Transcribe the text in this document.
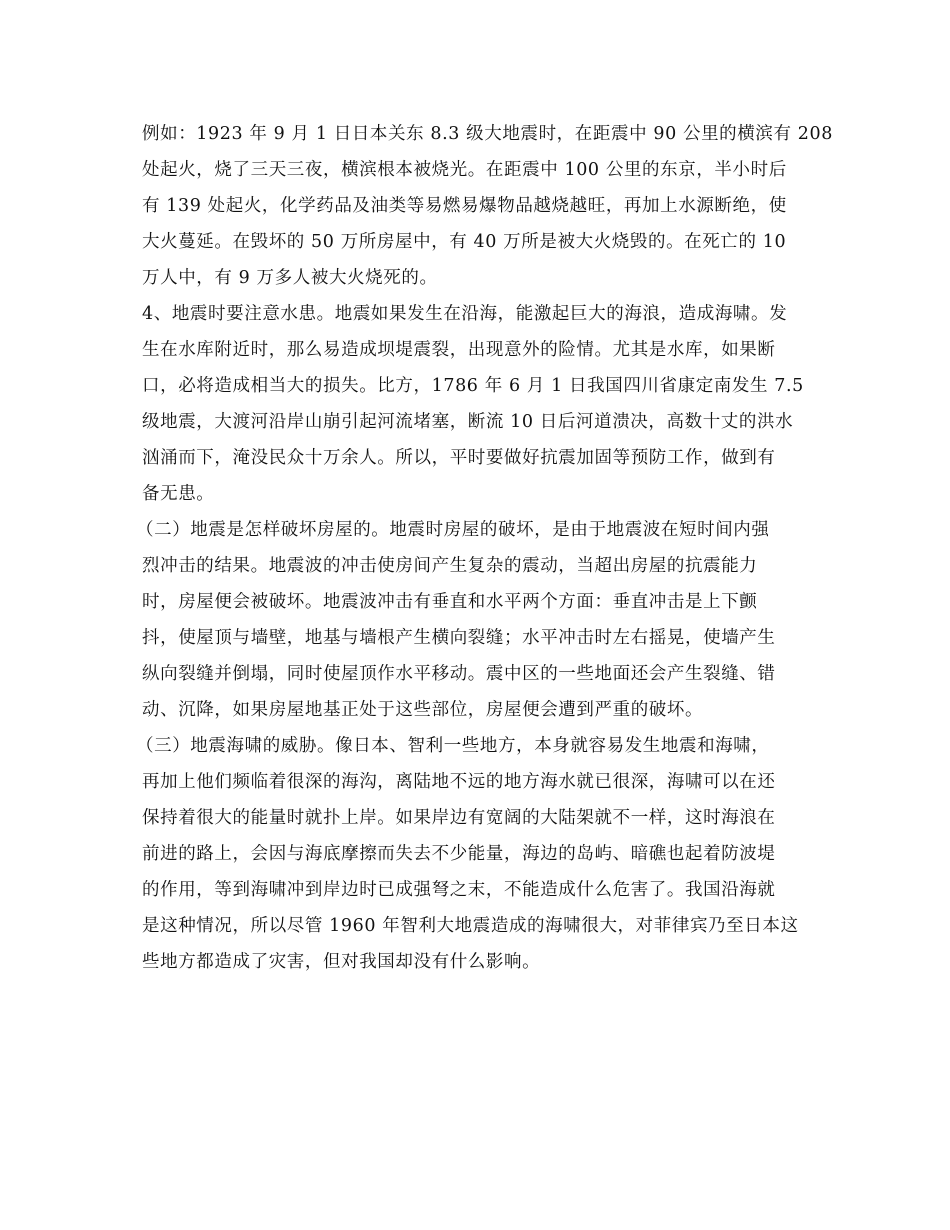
例如：1923 年 9 月 1 日日本关东 8.3 级大地震时，在距震中 90 公里的横滨有 208
处起火，烧了三天三夜，横滨根本被烧光。在距震中 100 公里的东京，半小时后
有 139 处起火，化学药品及油类等易燃易爆物品越烧越旺，再加上水源断绝，使
大火蔓延。在毁坏的 50 万所房屋中，有 40 万所是被大火烧毁的。在死亡的 10
万人中，有 9 万多人被大火烧死的。
4、地震时要注意水患。地震如果发生在沿海，能激起巨大的海浪，造成海啸。发
生在水库附近时，那么易造成坝堤震裂，出现意外的险情。尤其是水库，如果断
口，必将造成相当大的损失。比方，1786 年 6 月 1 日我国四川省康定南发生 7.5
级地震，大渡河沿岸山崩引起河流堵塞，断流 10 日后河道溃决，高数十丈的洪水
汹涌而下，淹没民众十万余人。所以，平时要做好抗震加固等预防工作，做到有
备无患。
（二）地震是怎样破坏房屋的。地震时房屋的破坏，是由于地震波在短时间内强
烈冲击的结果。地震波的冲击使房间产生复杂的震动，当超出房屋的抗震能力
时，房屋便会被破坏。地震波冲击有垂直和水平两个方面：垂直冲击是上下颤
抖，使屋顶与墙壁，地基与墙根产生横向裂缝；水平冲击时左右摇晃，使墙产生
纵向裂缝并倒塌，同时使屋顶作水平移动。震中区的一些地面还会产生裂缝、错
动、沉降，如果房屋地基正处于这些部位，房屋便会遭到严重的破坏。
（三）地震海啸的威胁。像日本、智利一些地方，本身就容易发生地震和海啸，
再加上他们频临着很深的海沟，离陆地不远的地方海水就已很深，海啸可以在还
保持着很大的能量时就扑上岸。如果岸边有宽阔的大陆架就不一样，这时海浪在
前进的路上，会因与海底摩擦而失去不少能量，海边的岛屿、暗礁也起着防波堤
的作用，等到海啸冲到岸边时已成强弩之末，不能造成什么危害了。我国沿海就
是这种情况，所以尽管 1960 年智利大地震造成的海啸很大，对菲律宾乃至日本这
些地方都造成了灾害，但对我国却没有什么影响。
